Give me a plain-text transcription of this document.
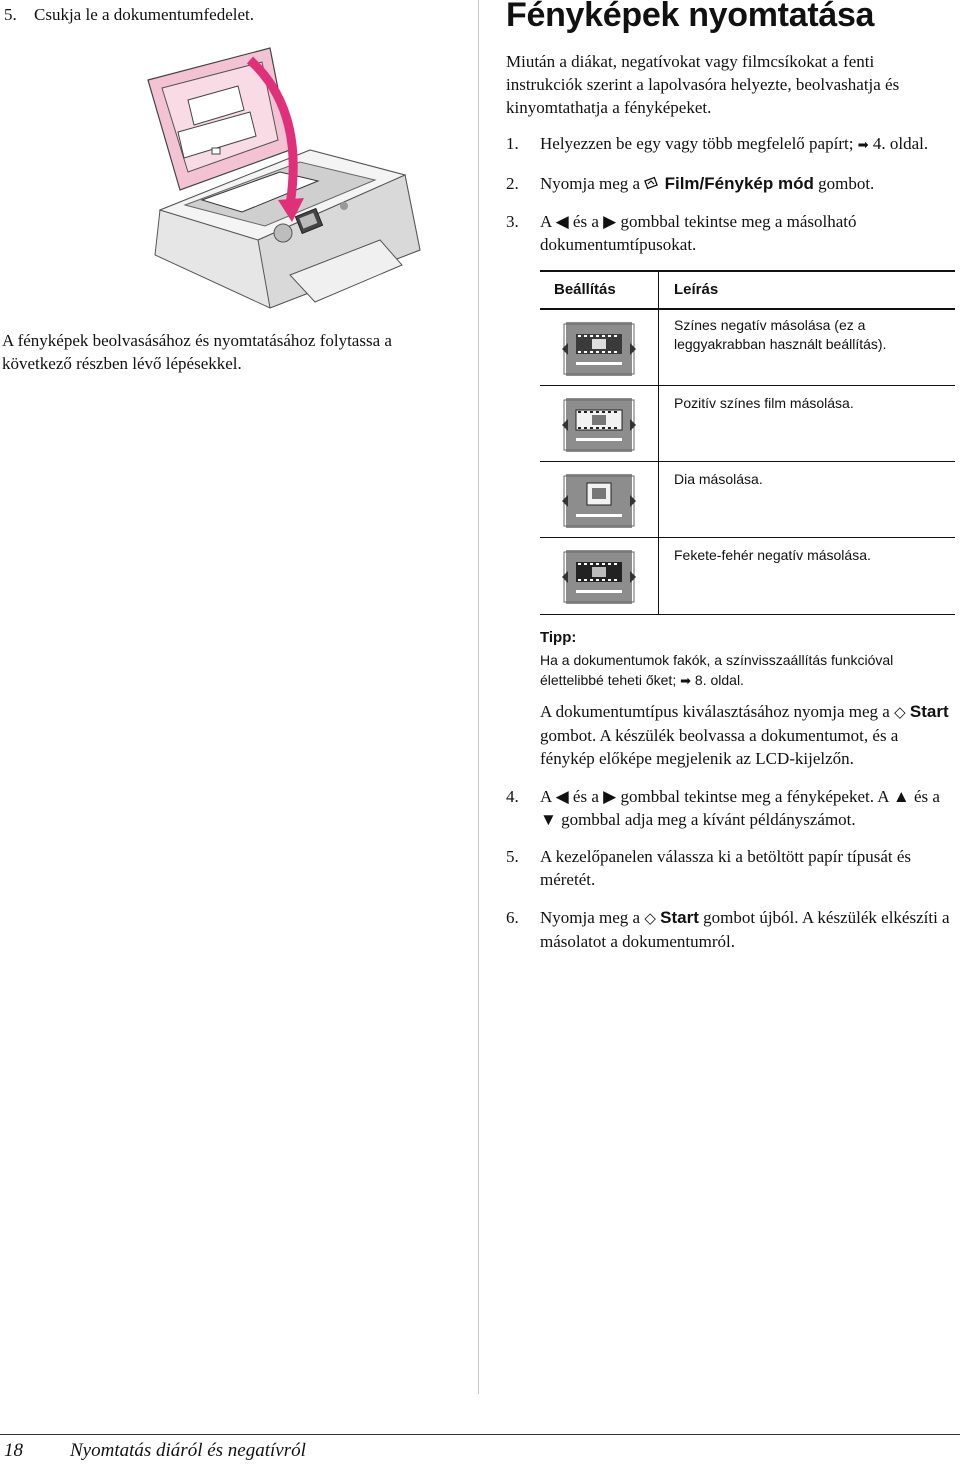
5. Csukja le a dokumentumfedelet.
A fényképek beolvasásához és nyomtatásához folytassa a következő részben lévő lépésekkel.
Fényképek nyomtatása
Miután a diákat, negatívokat vagy filmcsíkokat a fenti instrukciók szerint a lapolvasóra helyezte, beolvashatja és kinyomtathatja a fényképeket.
1. Helyezzen be egy vagy több megfelelő papírt; ➡ 4. oldal.
2. Nyomja meg a  Film/Fénykép mód gombot.
3. A ◀ és a ▶ gombbal tekintse meg a másolható dokumentumtípusokat.
Beállítás	Leírás
Színes negatív másolása (ez a leggyakrabban használt beállítás).
Pozitív színes film másolása.
Dia másolása.
Fekete-fehér negatív másolása.
Tipp:
Ha a dokumentumok fakók, a színvisszaállítás funkcióval élettelibbé teheti őket; ➡ 8. oldal.
A dokumentumtípus kiválasztásához nyomja meg a ◇ Start gombot. A készülék beolvassa a dokumentumot, és a fénykép előképe megjelenik az LCD-kijelzőn.
4. A ◀ és a ▶ gombbal tekintse meg a fényképeket. A ▲ és a ▼ gombbal adja meg a kívánt példányszámot.
5. A kezelőpanelen válassza ki a betöltött papír típusát és méretét.
6. Nyomja meg a ◇ Start gombot újból. A készülék elkészíti a másolatot a dokumentumról.
18 Nyomtatás diáról és negatívról
